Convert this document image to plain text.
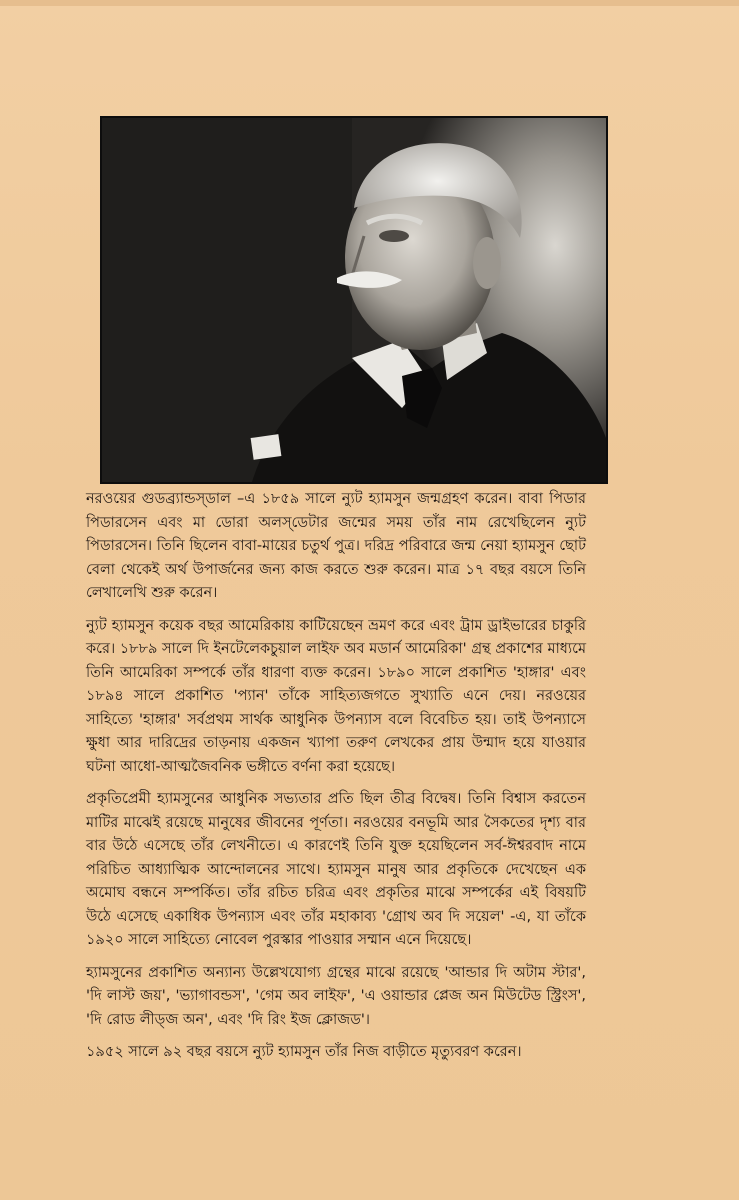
নরওয়ের গুডব্র্যান্ডস্‌ডাল –এ ১৮৫৯ সালে ন্যুট হ্যামসুন জন্মগ্রহণ করেন। বাবা পিডার পিডারসেন এবং মা ডোরা অলস্‌ডেটার জন্মের সময় তাঁর নাম রেখেছিলেন ন্যুট পিডারসেন। তিনি ছিলেন বাবা-মায়ের চতুর্থ পুত্র। দরিদ্র পরিবারে জন্ম নেয়া হ্যামসুন ছোট বেলা থেকেই অর্থ উপার্জনের জন্য কাজ করতে শুরু করেন। মাত্র ১৭ বছর বয়সে তিনি লেখালেখি শুরু করেন।

ন্যুট হ্যামসুন কয়েক বছর আমেরিকায় কাটিয়েছেন ভ্রমণ করে এবং ট্রাম ড্রাইভারের চাকুরি করে। ১৮৮৯ সালে দি ইনটেলেকচুয়াল লাইফ অব মডার্ন আমেরিকা' গ্রন্থ প্রকাশের মাধ্যমে তিনি আমেরিকা সম্পর্কে তাঁর ধারণা ব্যক্ত করেন। ১৮৯০ সালে প্রকাশিত 'হাঙ্গার' এবং ১৮৯৪ সালে প্রকাশিত 'প্যান' তাঁকে সাহিত্যজগতে সুখ্যাতি এনে দেয়। নরওয়ের সাহিত্যে 'হাঙ্গার' সর্বপ্রথম সার্থক আধুনিক উপন্যাস বলে বিবেচিত হয়। তাই উপন্যাসে ক্ষুধা আর দারিদ্রের তাড়নায় একজন খ্যাপা তরুণ লেখকের প্রায় উন্মাদ হয়ে যাওয়ার ঘটনা আধো-আত্মজৈবনিক ভঙ্গীতে বর্ণনা করা হয়েছে।

প্রকৃতিপ্রেমী হ্যামসুনের আধুনিক সভ্যতার প্রতি ছিল তীব্র বিদ্বেষ। তিনি বিশ্বাস করতেন মাটির মাঝেই রয়েছে মানুষের জীবনের পূর্ণতা। নরওয়ের বনভূমি আর সৈকতের দৃশ্য বার বার উঠে এসেছে তাঁর লেখনীতে। এ কারণেই তিনি যুক্ত হয়েছিলেন সর্ব-ঈশ্বরবাদ নামে পরিচিত আধ্যাত্মিক আন্দোলনের সাথে। হ্যামসুন মানুষ আর প্রকৃতিকে দেখেছেন এক অমোঘ বন্ধনে সম্পর্কিত। তাঁর রচিত চরিত্র এবং প্রকৃতির মাঝে সম্পর্কের এই বিষয়টি উঠে এসেছে একাধিক উপন্যাস এবং তাঁর মহাকাব্য 'গ্রোথ অব দি সয়েল' -এ, যা তাঁকে ১৯২০ সালে সাহিত্যে নোবেল পুরস্কার পাওয়ার সম্মান এনে দিয়েছে।

হ্যামসুনের প্রকাশিত অন্যান্য উল্লেখযোগ্য গ্রন্থের মাঝে রয়েছে 'আন্ডার দি অটাম স্টার', 'দি লাস্ট জয়', 'ভ্যাগাবন্ডস', 'গেম অব লাইফ', 'এ ওয়ান্ডার প্লেজ অন মিউটেড স্ট্রিংস', 'দি রোড লীড্‌জ অন', এবং 'দি রিং ইজ ক্লোজড'।

১৯৫২ সালে ৯২ বছর বয়সে ন্যুট হ্যামসুন তাঁর নিজ বাড়ীতে মৃত্যুবরণ করেন।
